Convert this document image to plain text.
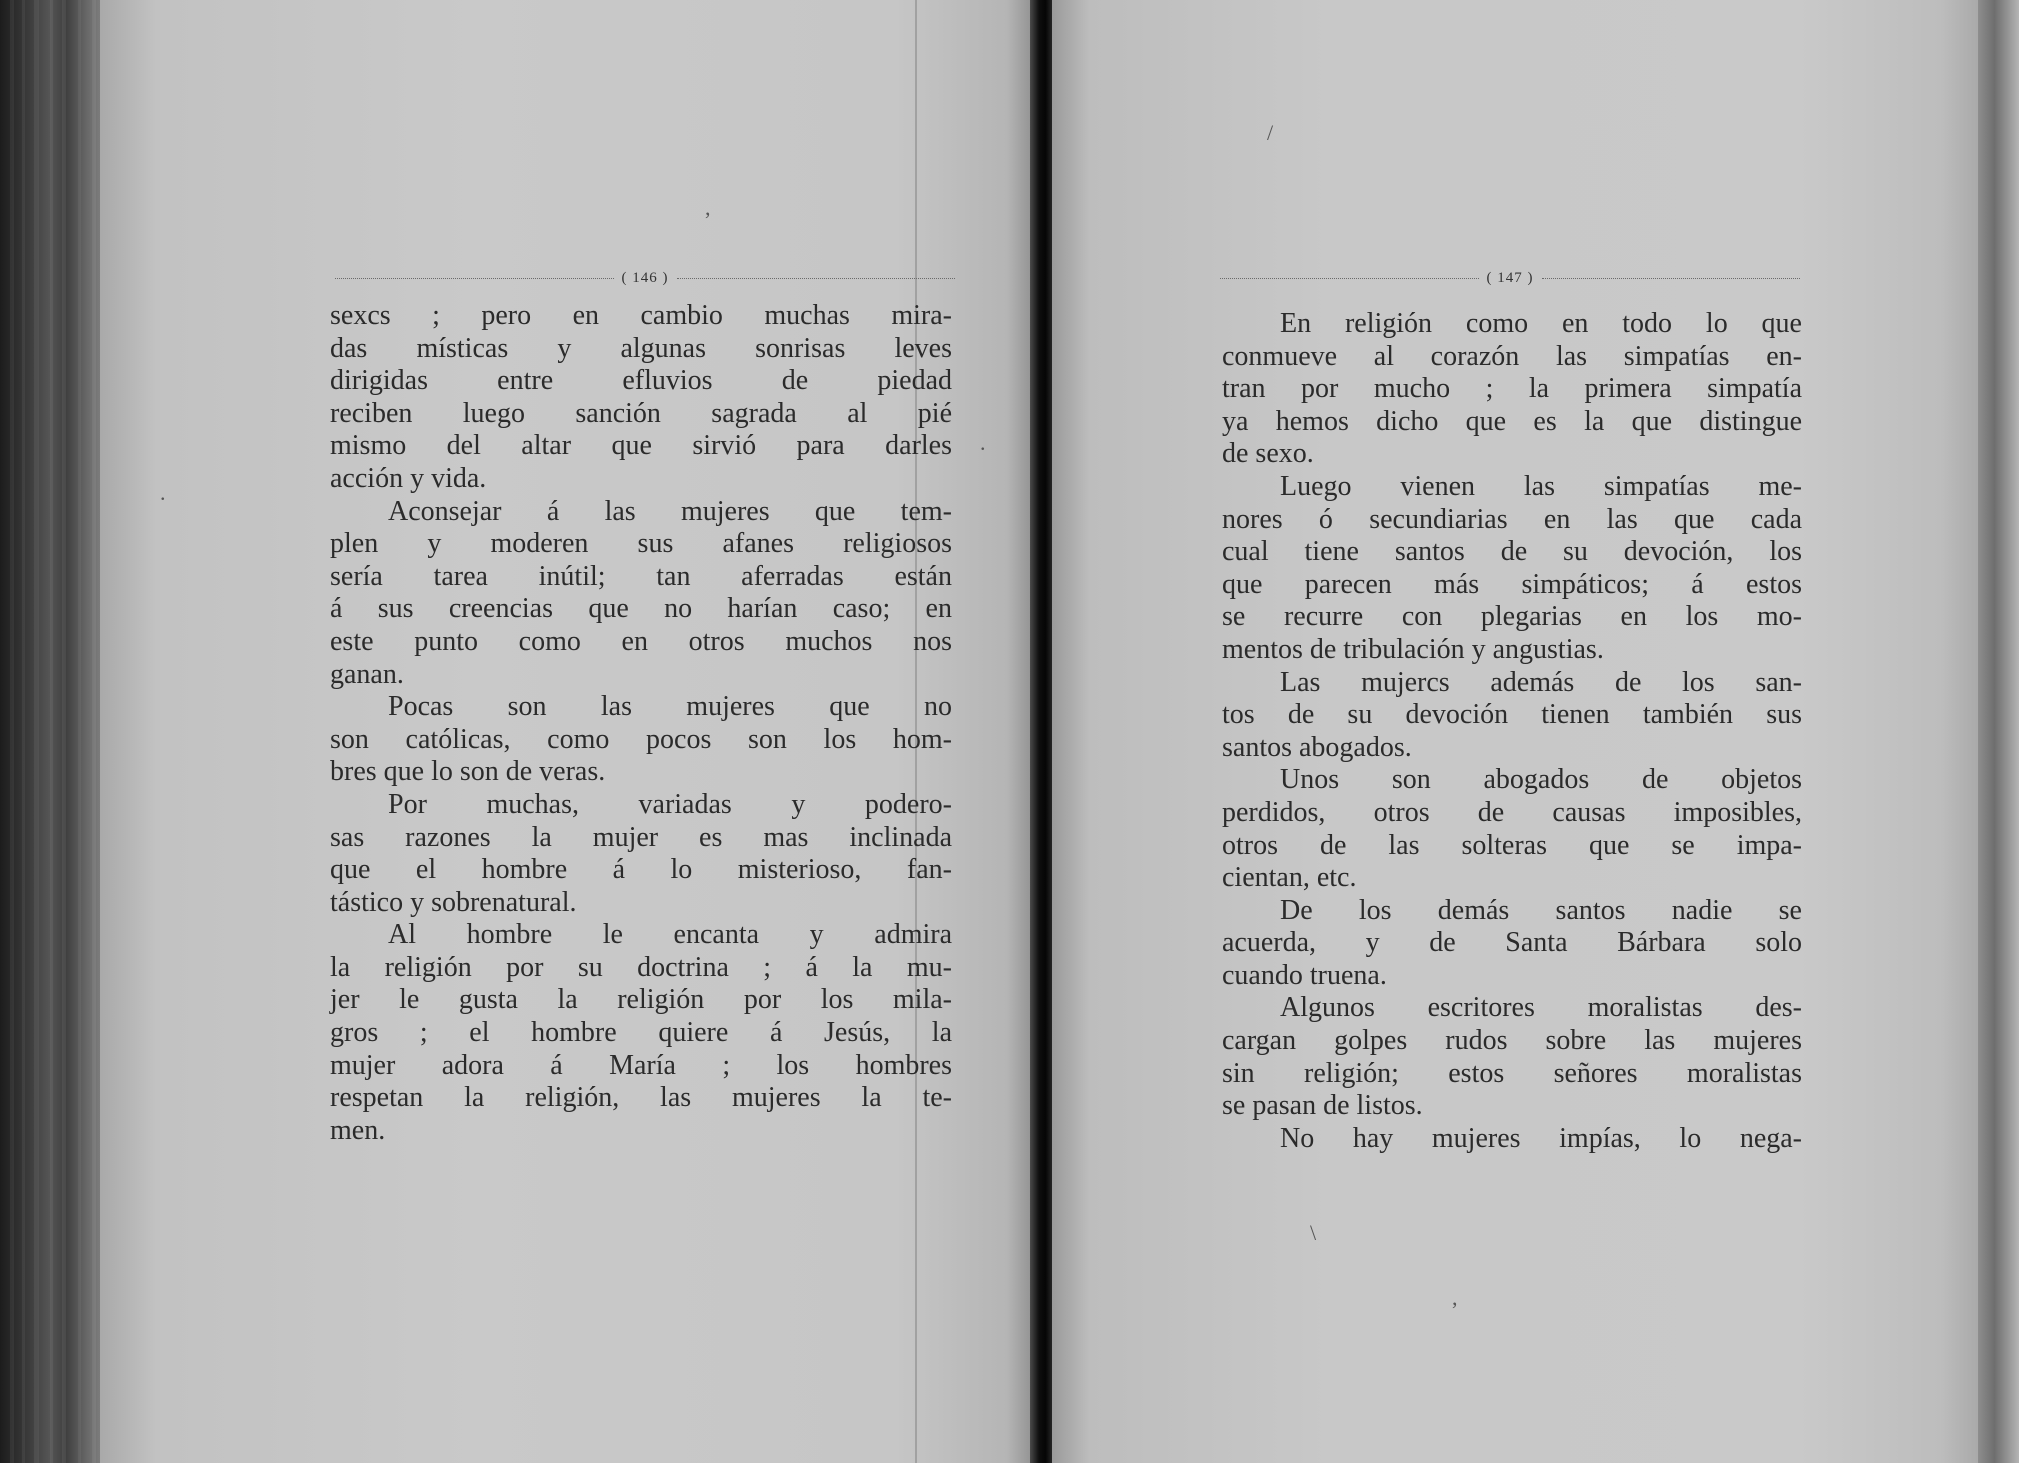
( 146 )
sexcs ; pero en cambio muchas mira-
das místicas y algunas sonrisas leves
dirigidas entre efluvios de piedad
reciben luego sanción sagrada al pié
mismo del altar que sirvió para darles
acción y vida.
Aconsejar á las mujeres que tem-
plen y moderen sus afanes religiosos
sería tarea inútil; tan aferradas están
á sus creencias que no harían caso; en
este punto como en otros muchos nos
ganan.
Pocas son las mujeres que no
son católicas, como pocos son los hom-
bres que lo son de veras.
Por muchas, variadas y podero-
sas razones la mujer es mas inclinada
que el hombre á lo misterioso, fan-
tástico y sobrenatural.
Al hombre le encanta y admira
la religión por su doctrina ; á la mu-
jer le gusta la religión por los mila-
gros ; el hombre quiere á Jesús, la
mujer adora á María ; los hombres
respetan la religión, las mujeres la te-
men.
,
.
.
( 147 )
En religión como en todo lo que
conmueve al corazón las simpatías en-
tran por mucho ; la primera simpatía
ya hemos dicho que es la que distingue
de sexo.
Luego vienen las simpatías me-
nores ó secundiarias en las que cada
cual tiene santos de su devoción, los
que parecen más simpáticos; á estos
se recurre con plegarias en los mo-
mentos de tribulación y angustias.
Las mujercs además de los san-
tos de su devoción tienen también sus
santos abogados.
Unos son abogados de objetos
perdidos, otros de causas imposibles,
otros de las solteras que se impa-
cientan, etc.
De los demás santos nadie se
acuerda, y de Santa Bárbara solo
cuando truena.
Algunos escritores moralistas des-
cargan golpes rudos sobre las mujeres
sin religión; estos señores moralistas
se pasan de listos.
No hay mujeres impías, lo nega-
/
\
,
